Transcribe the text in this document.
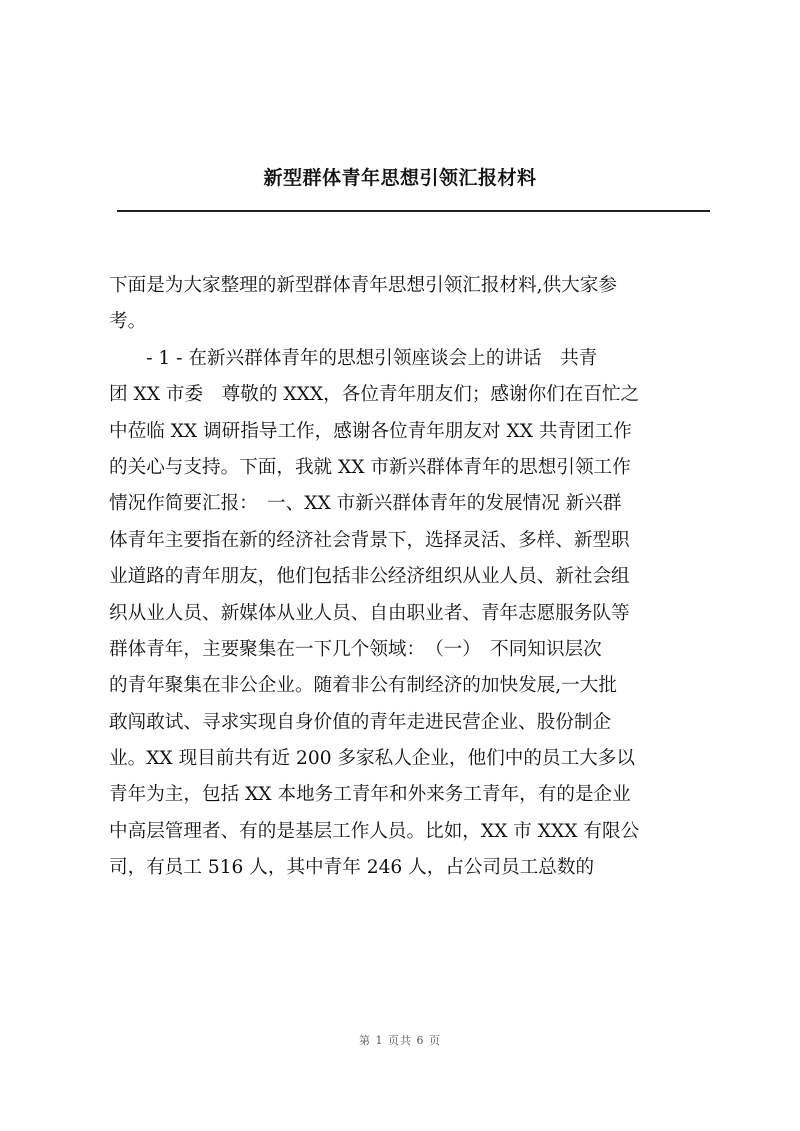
新型群体青年思想引领汇报材料
下面是为大家整理的新型群体青年思想引领汇报材料,供大家参
考。
　　- 1 - 在新兴群体青年的思想引领座谈会上的讲话　共青
团 XX 市委　尊敬的 XXX，各位青年朋友们；感谢你们在百忙之
中莅临 XX 调研指导工作，感谢各位青年朋友对 XX 共青团工作
的关心与支持。下面，我就 XX 市新兴群体青年的思想引领工作
情况作简要汇报：　一、XX 市新兴群体青年的发展情况 新兴群
体青年主要指在新的经济社会背景下，选择灵活、多样、新型职
业道路的青年朋友，他们包括非公经济组织从业人员、新社会组
织从业人员、新媒体从业人员、自由职业者、青年志愿服务队等
群体青年，主要聚集在一下几个领域：　（一）　不同知识层次
的青年聚集在非公企业。随着非公有制经济的加快发展,一大批
敢闯敢试、寻求实现自身价值的青年走进民营企业、股份制企
业。XX 现目前共有近 200 多家私人企业，他们中的员工大多以
青年为主，包括 XX 本地务工青年和外来务工青年，有的是企业
中高层管理者、有的是基层工作人员。比如，XX 市 XXX 有限公
司，有员工 516 人，其中青年 246 人，占公司员工总数的
第 1 页共 6 页
